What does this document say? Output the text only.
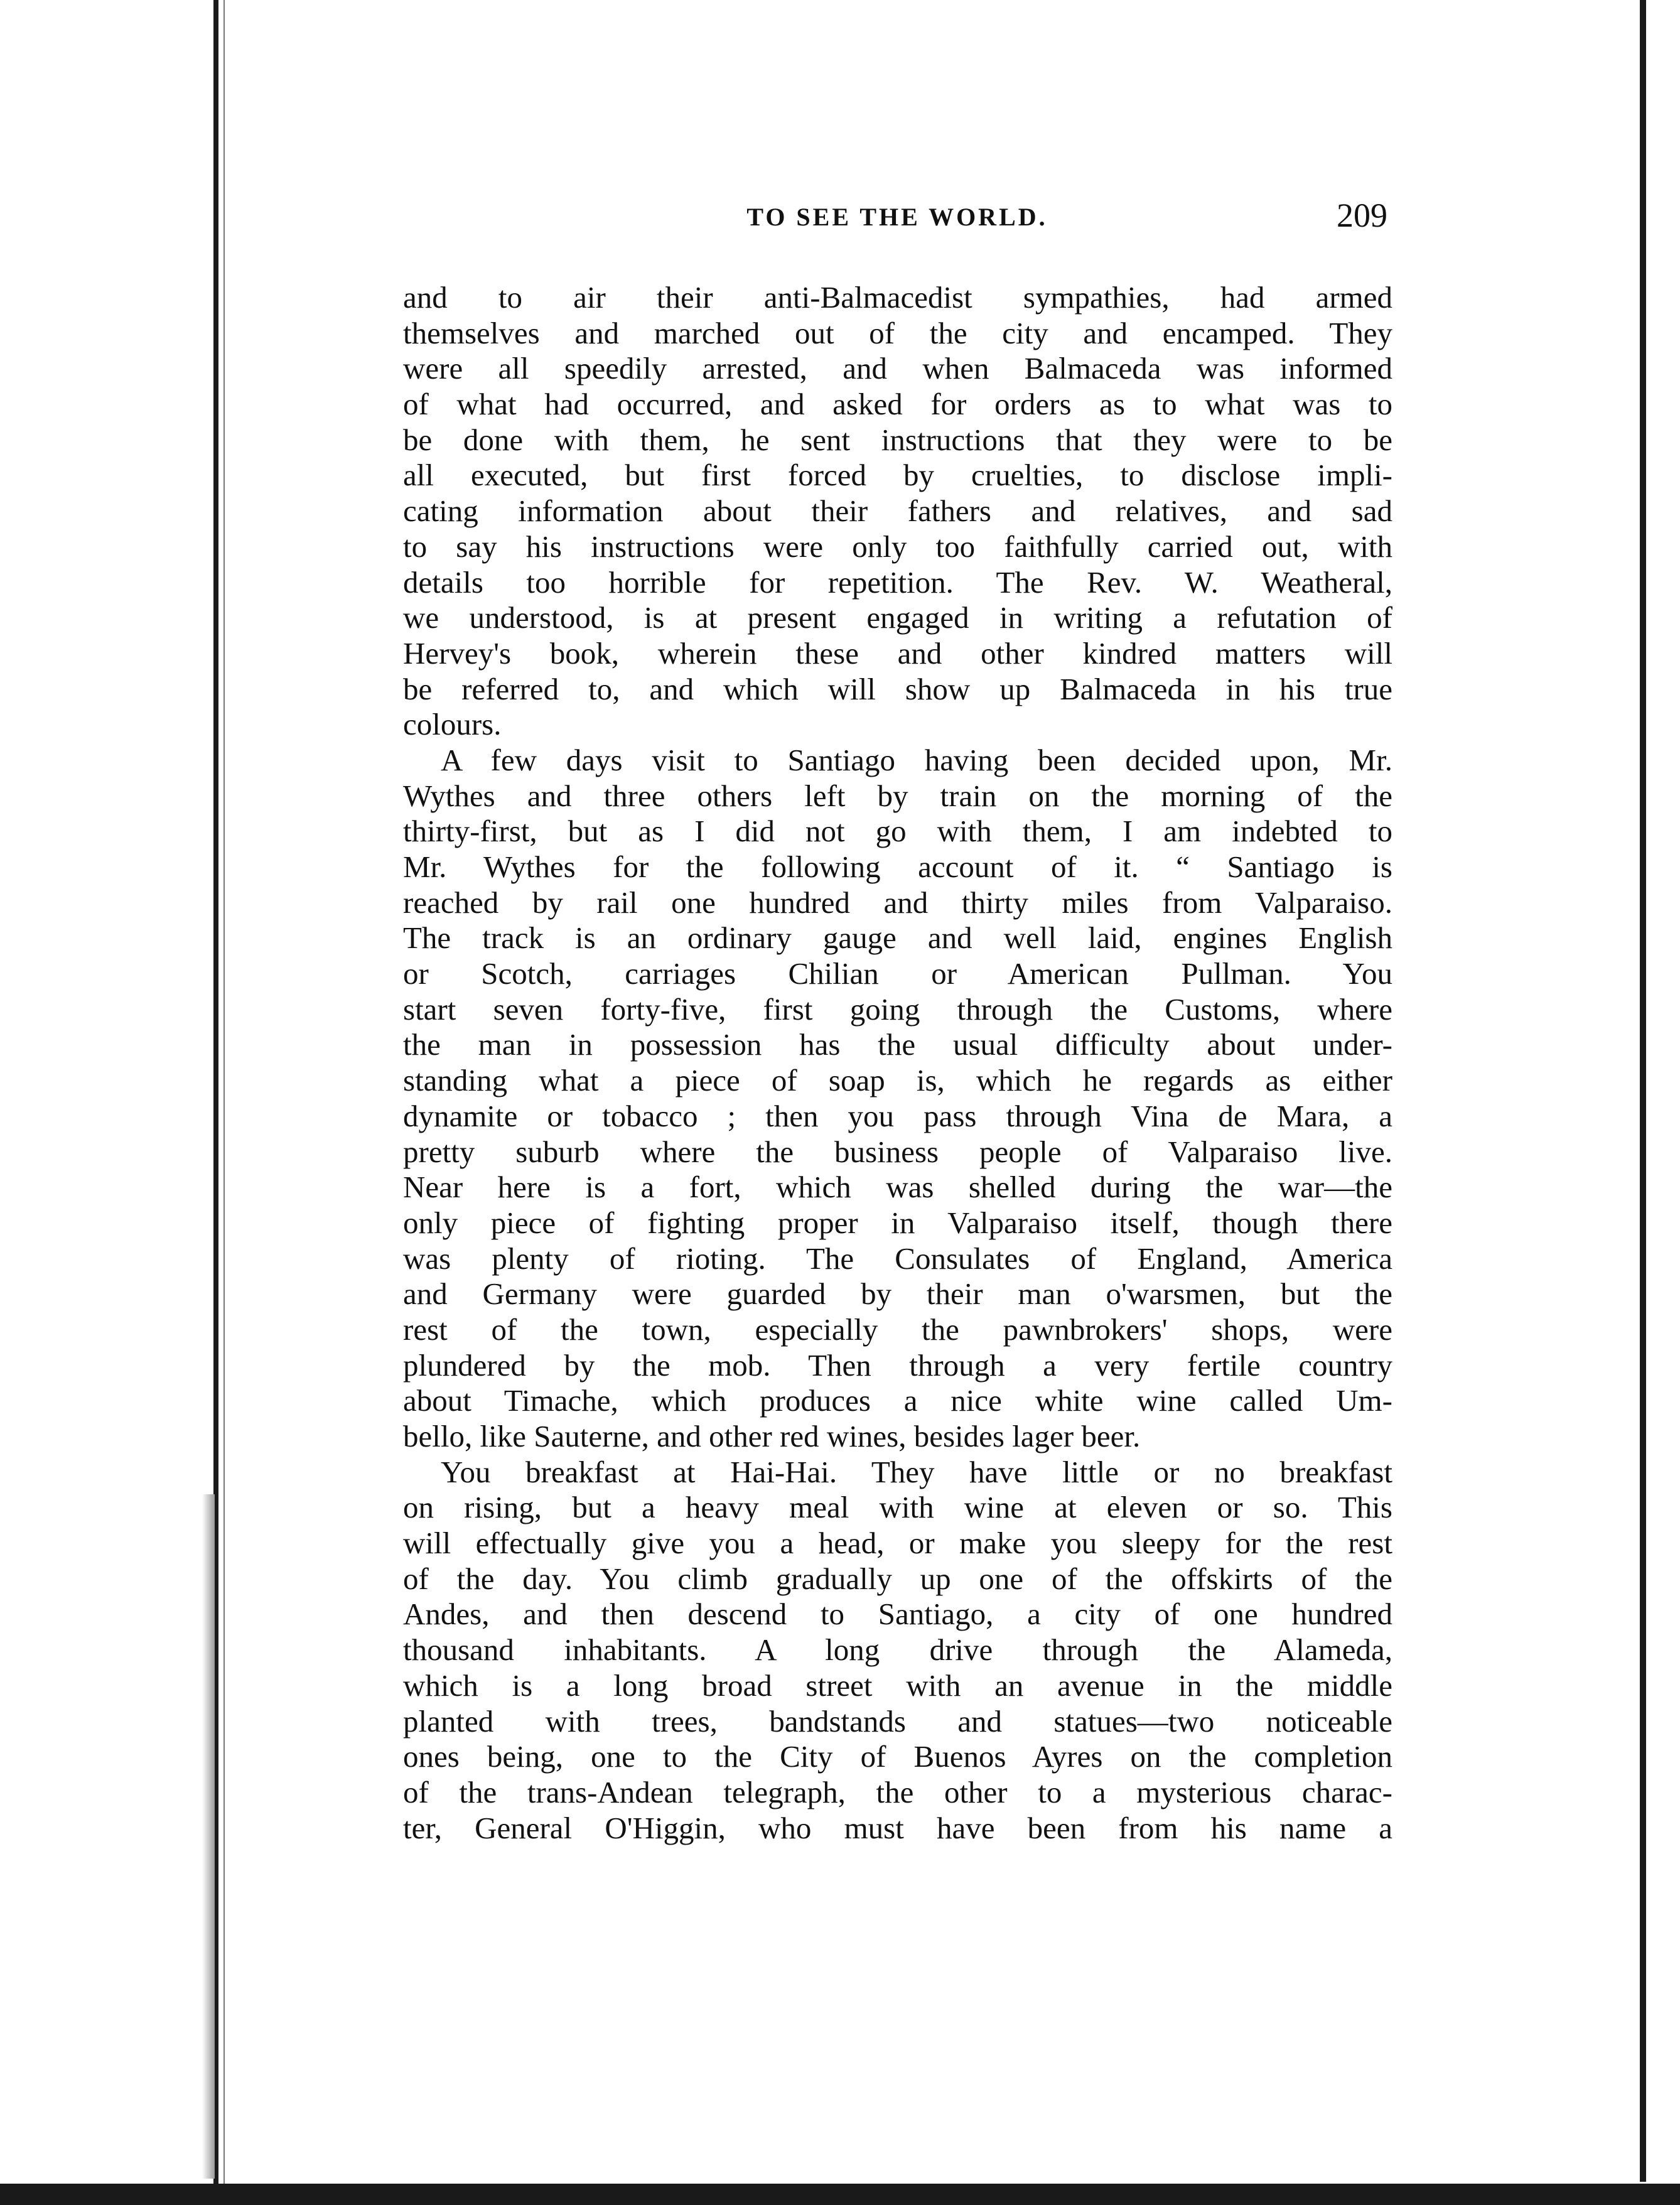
TO SEE THE WORLD.	209
and to air their anti-Balmacedist sympathies, had armed
themselves and marched out of the city and encamped. They
were all speedily arrested, and when Balmaceda was informed
of what had occurred, and asked for orders as to what was to
be done with them, he sent instructions that they were to be
all executed, but first forced by cruelties, to disclose impli-
cating information about their fathers and relatives, and sad
to say his instructions were only too faithfully carried out, with
details too horrible for repetition. The Rev. W. Weatheral,
we understood, is at present engaged in writing a refutation of
Hervey's book, wherein these and other kindred matters will
be referred to, and which will show up Balmaceda in his true
colours.
A few days visit to Santiago having been decided upon, Mr.
Wythes and three others left by train on the morning of the
thirty-first, but as I did not go with them, I am indebted to
Mr. Wythes for the following account of it. “ Santiago is
reached by rail one hundred and thirty miles from Valparaiso.
The track is an ordinary gauge and well laid, engines English
or Scotch, carriages Chilian or American Pullman. You
start seven forty-five, first going through the Customs, where
the man in possession has the usual difficulty about under-
standing what a piece of soap is, which he regards as either
dynamite or tobacco ; then you pass through Vina de Mara, a
pretty suburb where the business people of Valparaiso live.
Near here is a fort, which was shelled during the war—the
only piece of fighting proper in Valparaiso itself, though there
was plenty of rioting. The Consulates of England, America
and Germany were guarded by their man o'warsmen, but the
rest of the town, especially the pawnbrokers' shops, were
plundered by the mob. Then through a very fertile country
about Timache, which produces a nice white wine called Um-
bello, like Sauterne, and other red wines, besides lager beer.
You breakfast at Hai-Hai. They have little or no breakfast
on rising, but a heavy meal with wine at eleven or so. This
will effectually give you a head, or make you sleepy for the rest
of the day. You climb gradually up one of the offskirts of the
Andes, and then descend to Santiago, a city of one hundred
thousand inhabitants. A long drive through the Alameda,
which is a long broad street with an avenue in the middle
planted with trees, bandstands and statues—two noticeable
ones being, one to the City of Buenos Ayres on the completion
of the trans-Andean telegraph, the other to a mysterious charac-
ter, General O'Higgin, who must have been from his name a
